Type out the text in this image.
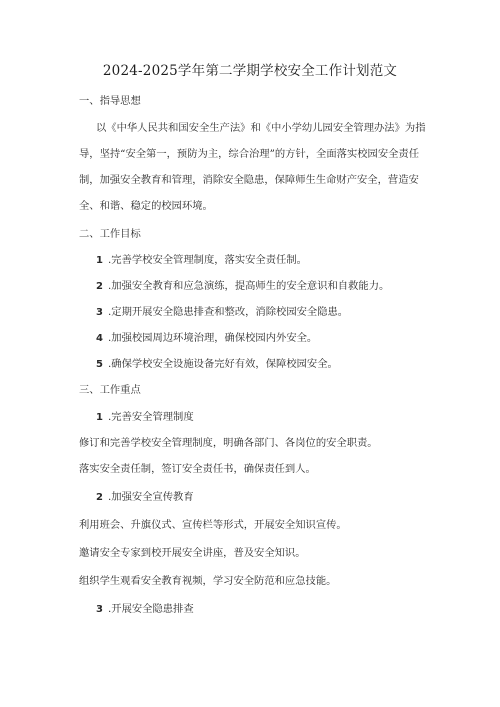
2024-2025学年第二学期学校安全工作计划范文
一、指导思想
以《中华人民共和国安全生产法》和《中小学幼儿园安全管理办法》为指
导，坚持“安全第一，预防为主，综合治理”的方针，全面落实校园安全责任
制，加强安全教育和管理，消除安全隐患，保障师生生命财产安全，营造安
全、和谐、稳定的校园环境。
二、工作目标
1 .完善学校安全管理制度，落实安全责任制。
2 .加强安全教育和应急演练，提高师生的安全意识和自救能力。
3 .定期开展安全隐患排查和整改，消除校园安全隐患。
4 .加强校园周边环境治理，确保校园内外安全。
5 .确保学校安全设施设备完好有效，保障校园安全。
三、工作重点
1 .完善安全管理制度
修订和完善学校安全管理制度，明确各部门、各岗位的安全职责。
落实安全责任制，签订安全责任书，确保责任到人。
2 .加强安全宣传教育
利用班会、升旗仪式、宣传栏等形式，开展安全知识宣传。
邀请安全专家到校开展安全讲座，普及安全知识。
组织学生观看安全教育视频，学习安全防范和应急技能。
3 .开展安全隐患排查
